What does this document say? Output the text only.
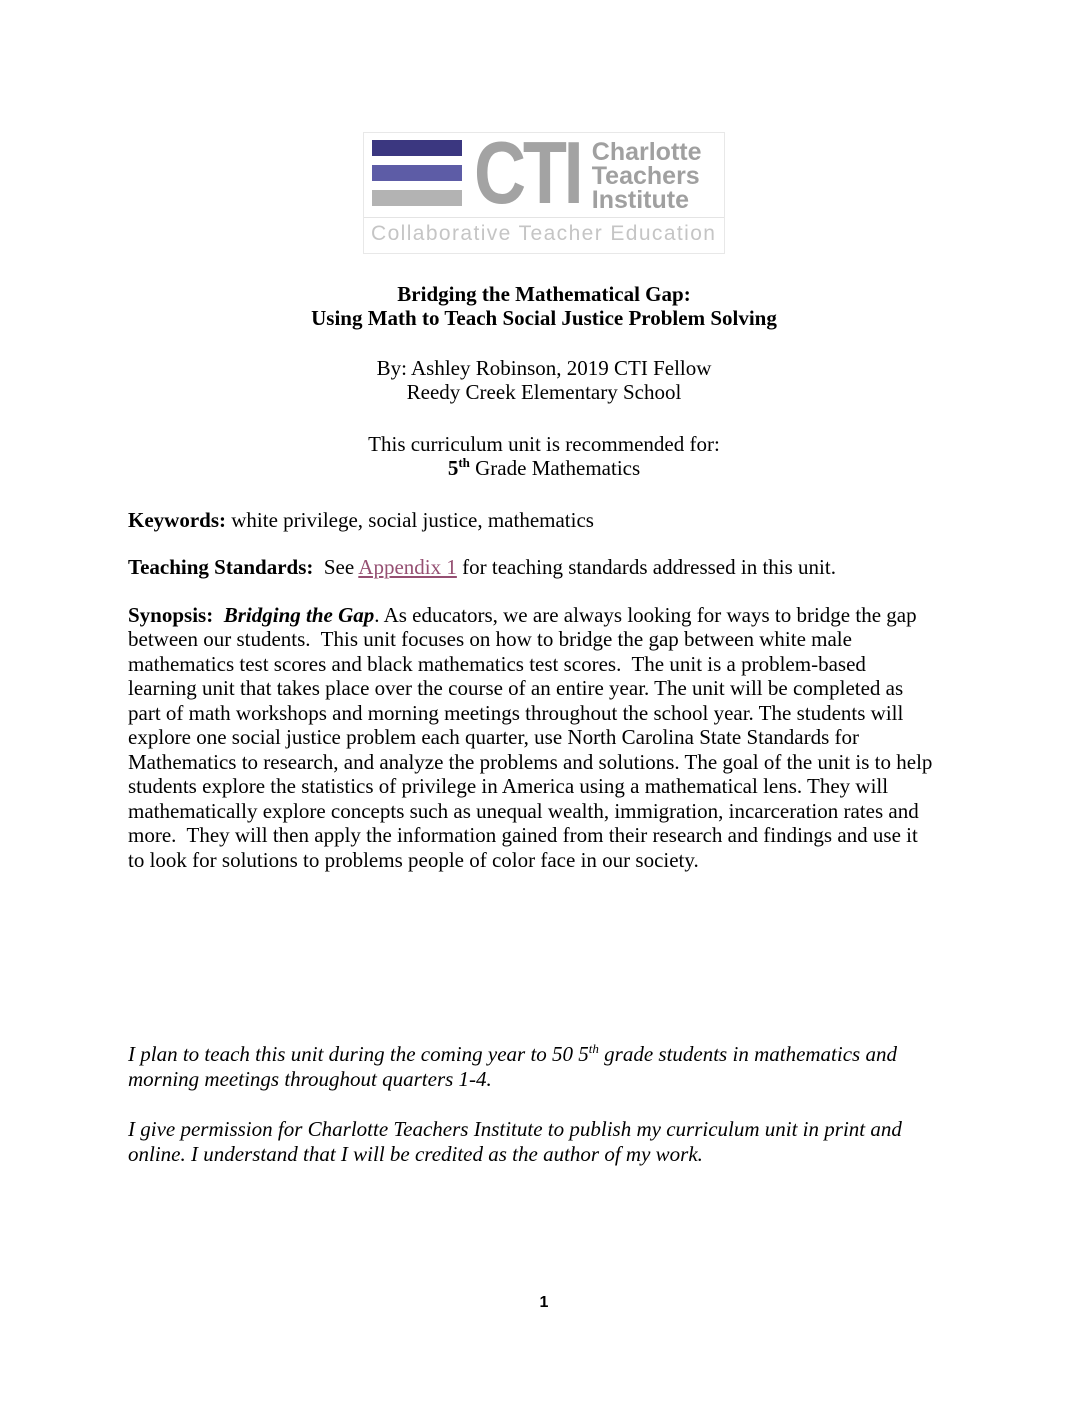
CTI Charlotte
Teachers
Institute
Collaborative Teacher Education
Bridging the Mathematical Gap:
Using Math to Teach Social Justice Problem Solving
By: Ashley Robinson, 2019 CTI Fellow
Reedy Creek Elementary School
This curriculum unit is recommended for:
5th Grade Mathematics

Keywords: white privilege, social justice, mathematics

Teaching Standards:  See Appendix 1 for teaching standards addressed in this unit.

Synopsis:  Bridging the Gap. As educators, we are always looking for ways to bridge the gap between our students.  This unit focuses on how to bridge the gap between white male mathematics test scores and black mathematics test scores.  The unit is a problem-based learning unit that takes place over the course of an entire year. The unit will be completed as part of math workshops and morning meetings throughout the school year. The students will explore one social justice problem each quarter, use North Carolina State Standards for Mathematics to research, and analyze the problems and solutions. The goal of the unit is to help students explore the statistics of privilege in America using a mathematical lens. They will mathematically explore concepts such as unequal wealth, immigration, incarceration rates and more.  They will then apply the information gained from their research and findings and use it to look for solutions to problems people of color face in our society.

I plan to teach this unit during the coming year to 50 5th grade students in mathematics and morning meetings throughout quarters 1-4.

I give permission for Charlotte Teachers Institute to publish my curriculum unit in print and online. I understand that I will be credited as the author of my work.

1
